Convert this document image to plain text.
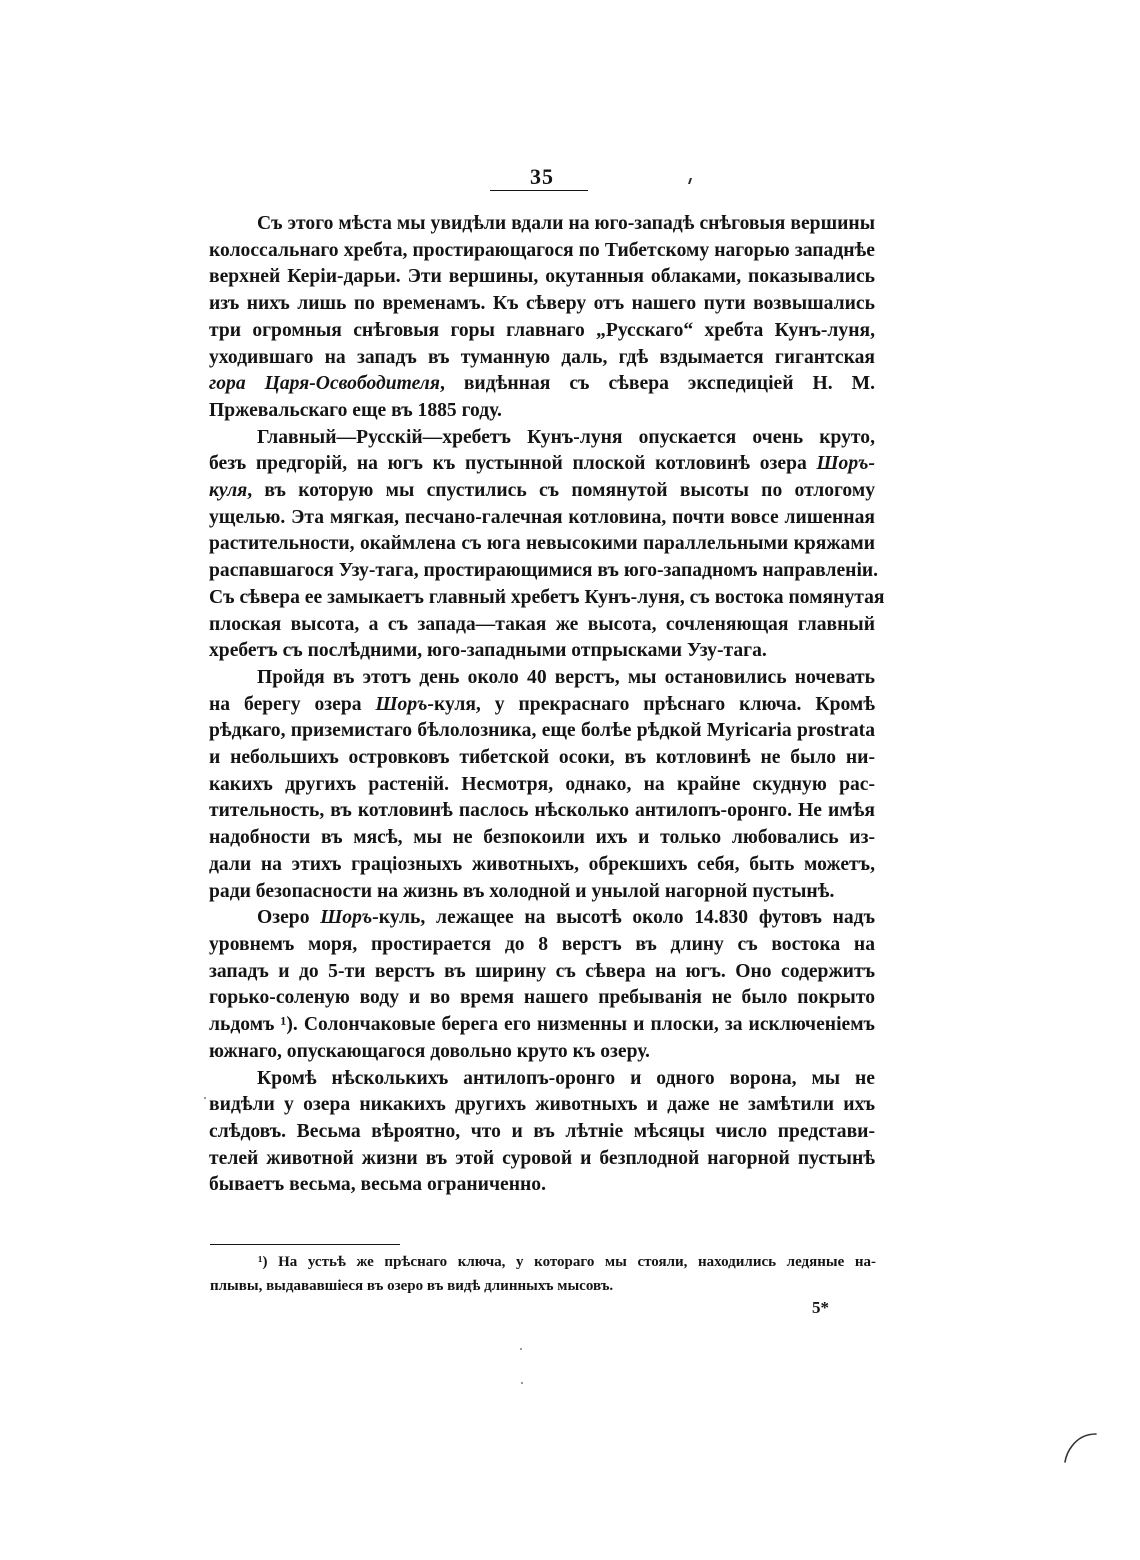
35

Съ этого мѣста мы увидѣли вдали на юго-западѣ снѣговыя вершины
колоссальнаго хребта, простирающагося по Тибетскому нагорью западнѣе
верхней Керiи-дарьи. Эти вершины, окутанныя облаками, показывались
изъ нихъ лишь по временамъ. Къ сѣверу отъ нашего пути возвышались
три огромныя снѣговыя горы главнаго „Русскаго“ хребта Кунъ-луня,
уходившаго на западъ въ туманную даль, гдѣ вздымается гигантская
гора Царя-Освободителя, видѣнная съ сѣвера экспедицiей Н. М.
Пржевальскаго еще въ 1885 году.

Главный—Русскiй—хребетъ Кунъ-луня опускается очень круто,
безъ предгорiй, на югъ къ пустынной плоской котловинѣ озера Шоръ-
куля, въ которую мы спустились съ помянутой высоты по отлогому
ущелью. Эта мягкая, песчано-галечная котловина, почти вовсе лишенная
растительности, окаймлена съ юга невысокими параллельными кряжами
распавшагося Узу-тага, простирающимися въ юго-западномъ направленiи.
Съ сѣвера ее замыкаетъ главный хребетъ Кунъ-луня, съ востока помянутая
плоская высота, а съ запада—такая же высота, сочленяющая главный
хребетъ съ послѣдними, юго-западными отпрысками Узу-тага.

Пройдя въ этотъ день около 40 верстъ, мы остановились ночевать
на берегу озера Шоръ-куля, у прекраснаго прѣснаго ключа. Кромѣ
рѣдкаго, приземистаго бѣлолозника, еще болѣе рѣдкой Myricaria prostrata
и небольшихъ островковъ тибетской осоки, въ котловинѣ не было ни-
какихъ другихъ растенiй. Несмотря, однако, на крайне скудную рас-
тительность, въ котловинѣ паслось нѣсколько антилопъ-оронго. Не имѣя
надобности въ мясѣ, мы не безпокоили ихъ и только любовались из-
дали на этихъ грацiозныхъ животныхъ, обрекшихъ себя, быть можетъ,
ради безопасности на жизнь въ холодной и унылой нагорной пустынѣ.

Озеро Шоръ-куль, лежащее на высотѣ около 14.830 футовъ надъ
уровнемъ моря, простирается до 8 верстъ въ длину съ востока на
западъ и до 5-ти верстъ въ ширину съ сѣвера на югъ. Оно содержитъ
горько-соленую воду и во время нашего пребыванiя не было покрыто
льдомъ ¹). Солончаковые берега его низменны и плоски, за исключенiемъ
южнаго, опускающагося довольно круто къ озеру.

Кромѣ нѣсколькихъ антилопъ-оронго и одного ворона, мы не
видѣли у озера никакихъ другихъ животныхъ и даже не замѣтили ихъ
слѣдовъ. Весьма вѣроятно, что и въ лѣтнiе мѣсяцы число представи-
телей животной жизни въ этой суровой и безплодной нагорной пустынѣ
бываетъ весьма, весьма ограниченно.

¹) На устьѣ же прѣснаго ключа, у котораго мы стояли, находились ледяные на-
плывы, выдававшiеся въ озеро въ видѣ длинныхъ мысовъ.
5*
